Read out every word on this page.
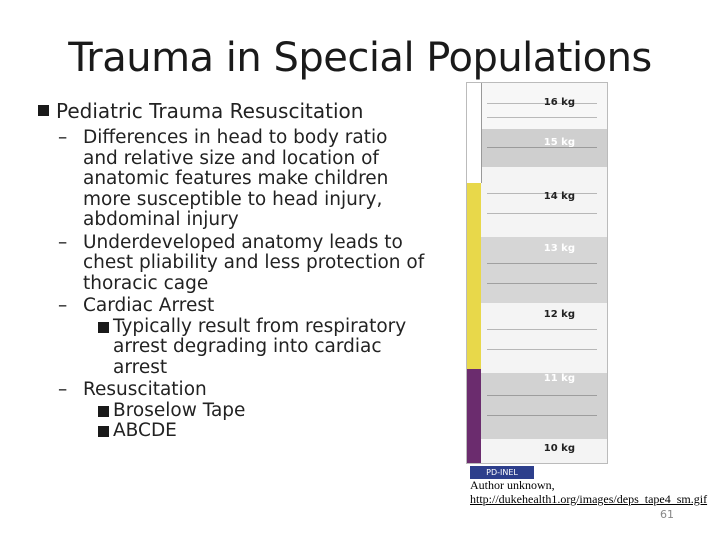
Trauma in Special Populations
Pediatric Trauma Resuscitation
– Differences in head to body ratio
and relative size and location of
anatomic features make children
more susceptible to head injury,
abdominal injury
– Underdeveloped anatomy leads to
chest pliability and less protection of
thoracic cage
– Cardiac Arrest
Typically result from respiratory
arrest degrading into cardiac
arrest
– Resuscitation
Broselow Tape
ABCDE
16 kg
15 kg
14 kg
13 kg
12 kg
11 kg
10 kg
PD-INEL
Author unknown,
http://dukehealth1.org/images/deps_tape4_sm.gif
61
